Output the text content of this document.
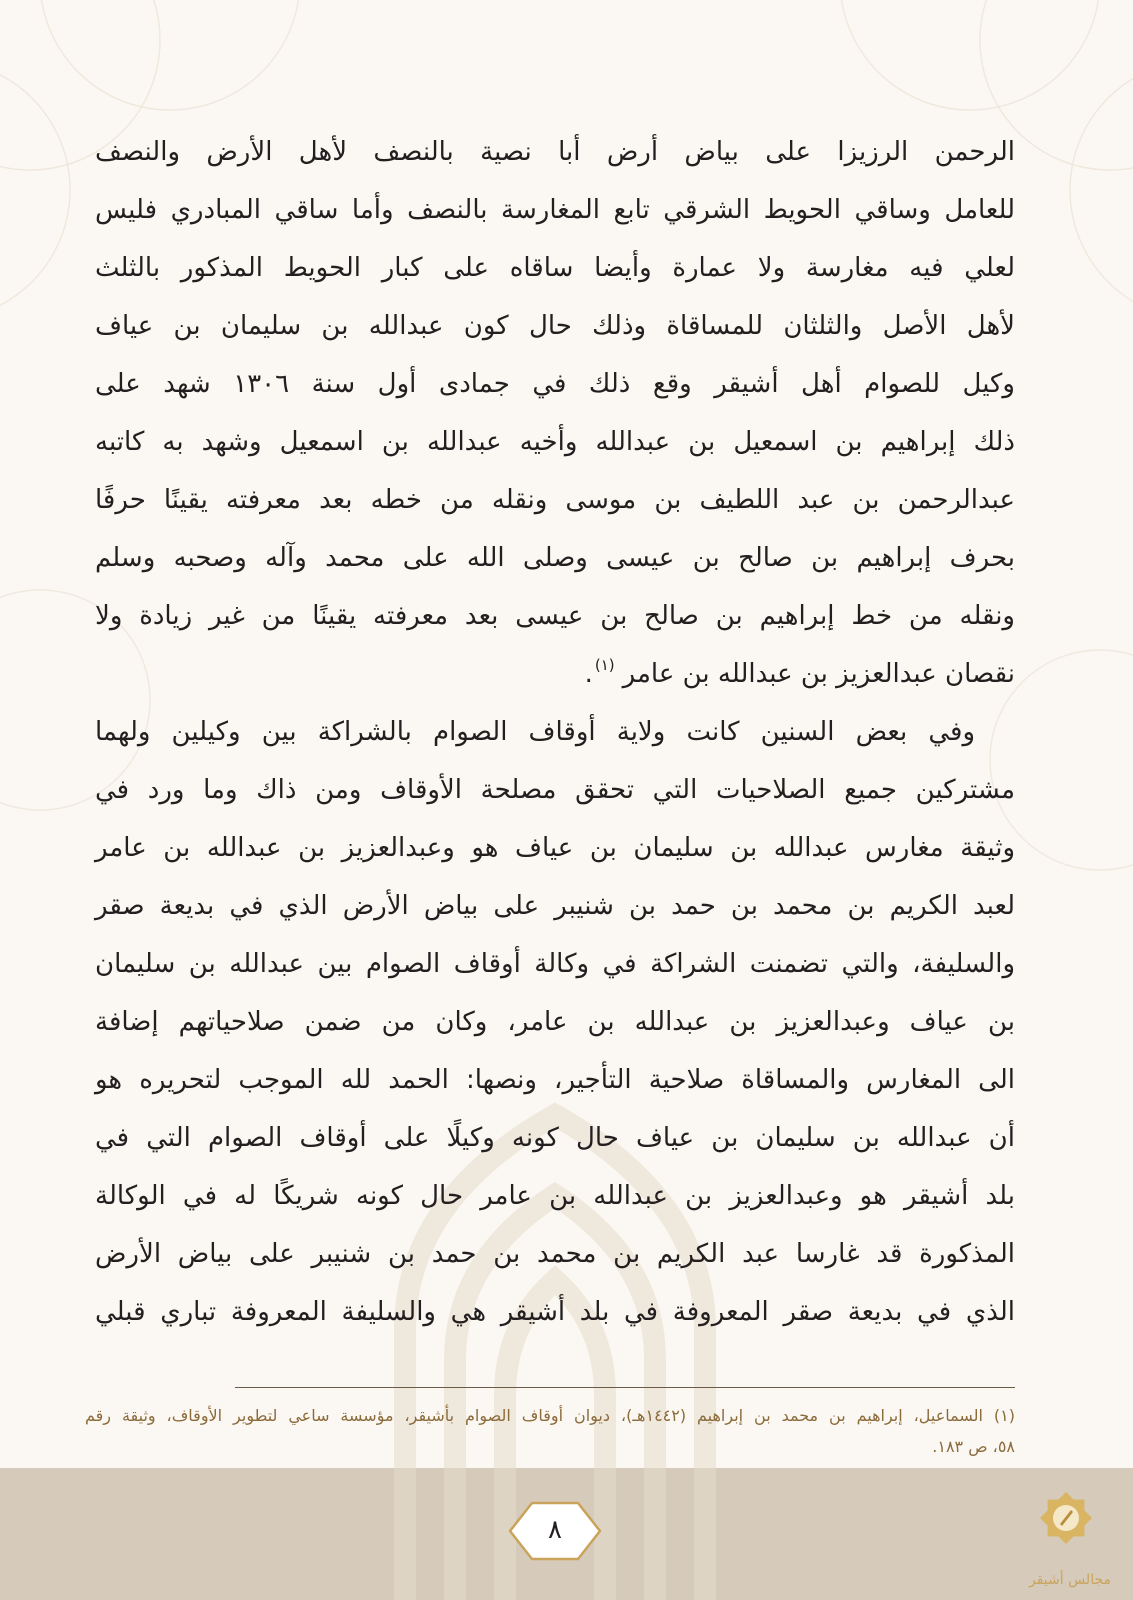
الرحمن الرزيزا على بياض أرض أبا نصية بالنصف لأهل الأرض والنصف
للعامل وساقي الحويط الشرقي تابع المغارسة بالنصف وأما ساقي المبادري فليس
لعلي فيه مغارسة ولا عمارة وأيضا ساقاه على كبار الحويط المذكور بالثلث
لأهل الأصل والثلثان للمساقاة وذلك حال كون عبدالله بن سليمان بن عياف
وكيل للصوام أهل أشيقر وقع ذلك في جمادى أول سنة ١٣٠٦ شهد على
ذلك إبراهيم بن اسمعيل بن عبدالله وأخيه عبدالله بن اسمعيل وشهد به كاتبه
عبدالرحمن بن عبد اللطيف بن موسى ونقله من خطه بعد معرفته يقينًا حرفًا
بحرف إبراهيم بن صالح بن عيسى وصلى الله على محمد وآله وصحبه وسلم
ونقله من خط إبراهيم بن صالح بن عيسى بعد معرفته يقينًا من غير زيادة ولا
نقصان عبدالعزيز بن عبدالله بن عامر$^{(١)}$.
وفي بعض السنين كانت ولاية أوقاف الصوام بالشراكة بين وكيلين ولهما
مشتركين جميع الصلاحيات التي تحقق مصلحة الأوقاف ومن ذاك وما ورد في
وثيقة مغارس عبدالله بن سليمان بن عياف هو وعبدالعزيز بن عبدالله بن عامر
لعبد الكريم بن محمد بن حمد بن شنيبر على بياض الأرض الذي في بديعة صقر
والسليفة، والتي تضمنت الشراكة في وكالة أوقاف الصوام بين عبدالله بن سليمان
بن عياف وعبدالعزيز بن عبدالله بن عامر، وكان من ضمن صلاحياتهم إضافة
الى المغارس والمساقاة صلاحية التأجير، ونصها: الحمد لله الموجب لتحريره هو
أن عبدالله بن سليمان بن عياف حال كونه وكيلًا على أوقاف الصوام التي في
بلد أشيقر هو وعبدالعزيز بن عبدالله بن عامر حال كونه شريكًا له في الوكالة
المذكورة قد غارسا عبد الكريم بن محمد بن حمد بن شنيبر على بياض الأرض
الذي في بديعة صقر المعروفة في بلد أشيقر هي والسليفة المعروفة تباري قبلي
(١) السماعيل، إبراهيم بن محمد بن إبراهيم (١٤٤٢هـ)، ديوان أوقاف الصوام بأشيقر، مؤسسة ساعي لتطوير الأوقاف، وثيقة رقم
٥٨، ص ١٨٣.
٨
مجالس أشيقر
